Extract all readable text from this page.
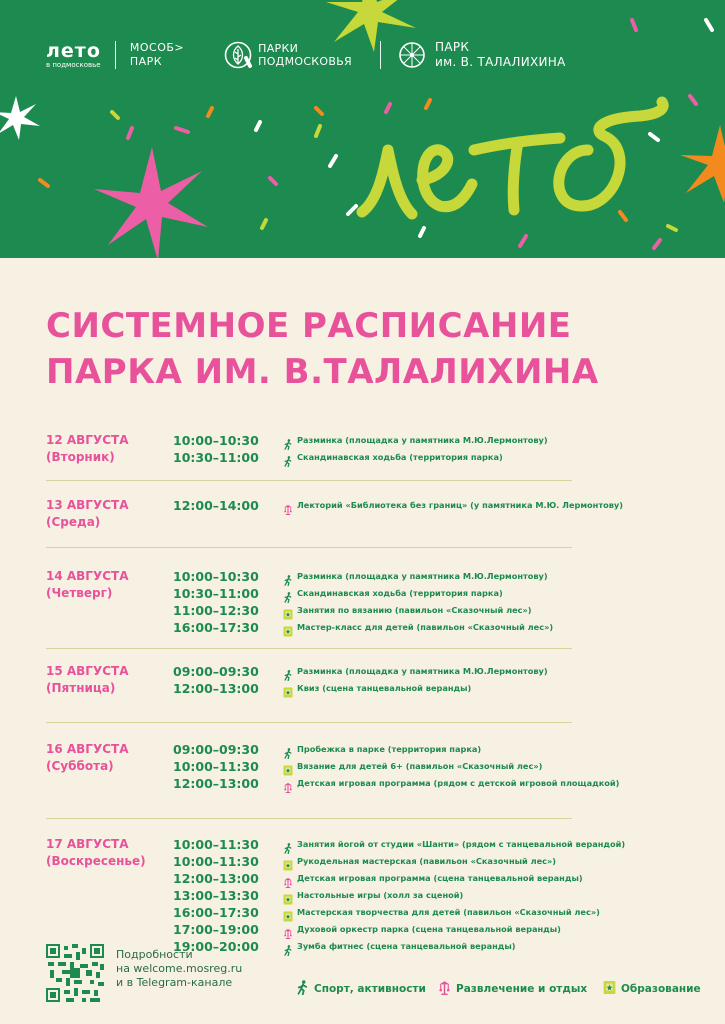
лето
в подмосковье
МОСОБ>
ПАРК
ПАРКИ
ПОДМОСКОВЬЯ
ПАРК
им. В. ТАЛАЛИХИНА
СИСТЕМНОЕ РАСПИСАНИЕ
ПАРКА ИМ. В.ТАЛАЛИХИНА
12 АВГУСТА
(Вторник)
10:00–10:30	Разминка (площадка у памятника М.Ю.Лермонтову)
10:30–11:00	Скандинавская ходьба (территория парка)
13 АВГУСТА
(Среда)
12:00–14:00	Лекторий «Библиотека без границ» (у памятника М.Ю. Лермонтову)
14 АВГУСТА
(Четверг)
10:00–10:30	Разминка (площадка у памятника М.Ю.Лермонтову)
10:30–11:00	Скандинавская ходьба (территория парка)
11:00–12:30	Занятия по вязанию (павильон «Сказочный лес»)
16:00–17:30	Мастер-класс для детей (павильон «Сказочный лес»)
15 АВГУСТА
(Пятница)
09:00–09:30	Разминка (площадка у памятника М.Ю.Лермонтову)
12:00–13:00	Квиз (сцена танцевальной веранды)
16 АВГУСТА
(Суббота)
09:00–09:30	Пробежка в парке (территория парка)
10:00–11:30	Вязание для детей 6+ (павильон «Сказочный лес»)
12:00–13:00	Детская игровая программа (рядом с детской игровой площадкой)
17 АВГУСТА
(Воскресенье)
10:00–11:30	Занятия йогой от студии «Шанти» (рядом с танцевальной верандой)
10:00–11:30	Рукодельная мастерская (павильон «Сказочный лес»)
12:00–13:00	Детская игровая программа (сцена танцевальной веранды)
13:00–13:30	Настольные игры (холл за сценой)
16:00–17:30	Мастерская творчества для детей (павильон «Сказочный лес»)
17:00–19:00	Духовой оркестр парка (сцена танцевальной веранды)
19:00–20:00	Зумба фитнес (сцена танцевальной веранды)
Подробности
на welcome.mosreg.ru
и в Telegram-канале	Спорт, активности	Развлечение и отдых	Образование
